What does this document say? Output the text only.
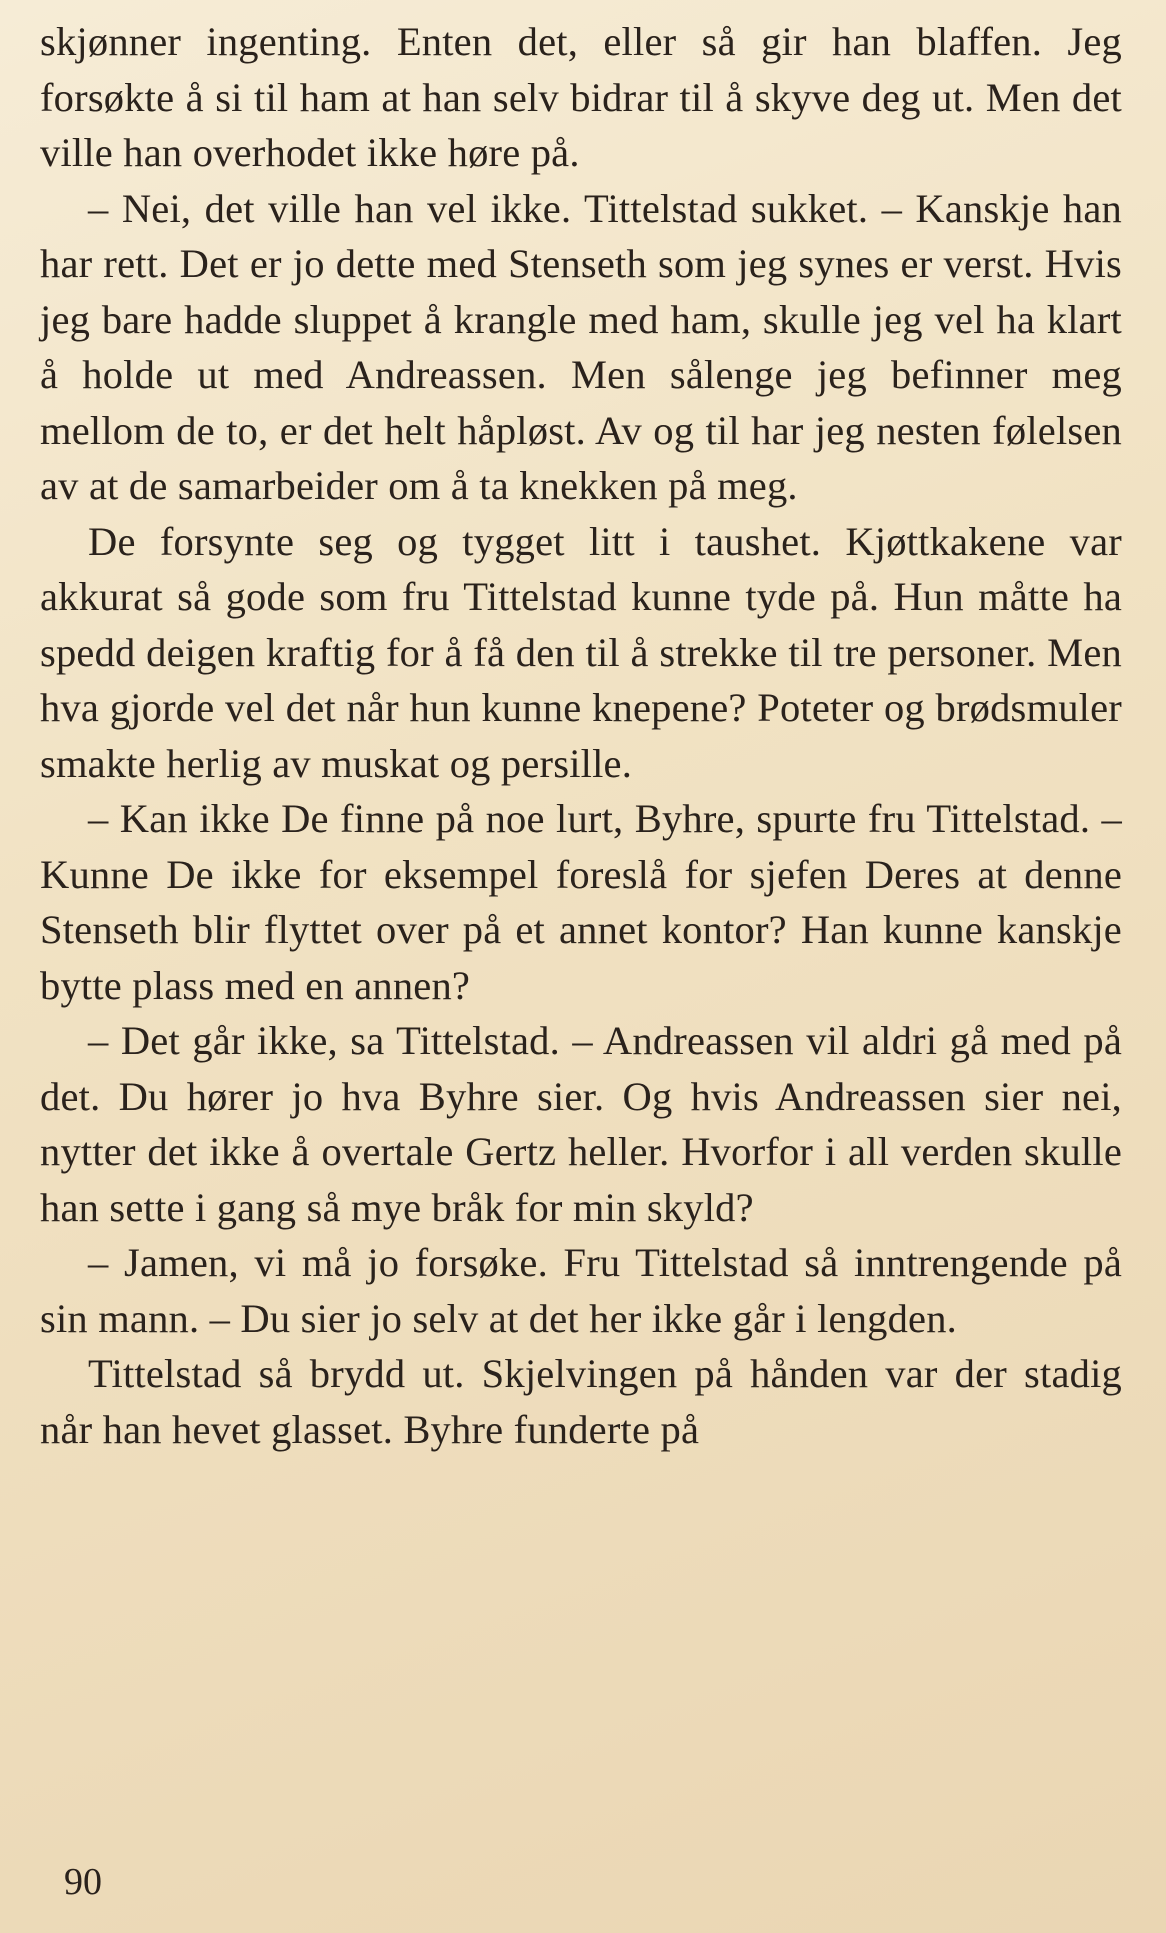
skjønner ingenting. Enten det, eller så gir han blaffen. Jeg forsøkte å si til ham at han selv bidrar til å skyve deg ut. Men det ville han overhodet ikke høre på.

– Nei, det ville han vel ikke. Tittelstad sukket. – Kanskje han har rett. Det er jo dette med Stenseth som jeg synes er verst. Hvis jeg bare hadde sluppet å krangle med ham, skulle jeg vel ha klart å holde ut med Andreassen. Men sålenge jeg befinner meg mellom de to, er det helt håpløst. Av og til har jeg nesten følelsen av at de samarbeider om å ta knekken på meg.

De forsynte seg og tygget litt i taushet. Kjøttkakene var akkurat så gode som fru Tittelstad kunne tyde på. Hun måtte ha spedd deigen kraftig for å få den til å strekke til tre personer. Men hva gjorde vel det når hun kunne knepene? Poteter og brødsmuler smakte herlig av muskat og persille.

– Kan ikke De finne på noe lurt, Byhre, spurte fru Tittelstad. – Kunne De ikke for eksempel foreslå for sjefen Deres at denne Stenseth blir flyttet over på et annet kontor? Han kunne kanskje bytte plass med en annen?

– Det går ikke, sa Tittelstad. – Andreassen vil aldri gå med på det. Du hører jo hva Byhre sier. Og hvis Andreassen sier nei, nytter det ikke å overtale Gertz heller. Hvorfor i all verden skulle han sette i gang så mye bråk for min skyld?

– Jamen, vi må jo forsøke. Fru Tittelstad så inntrengende på sin mann. – Du sier jo selv at det her ikke går i lengden.

Tittelstad så brydd ut. Skjelvingen på hånden var der stadig når han hevet glasset. Byhre funderte på

90
